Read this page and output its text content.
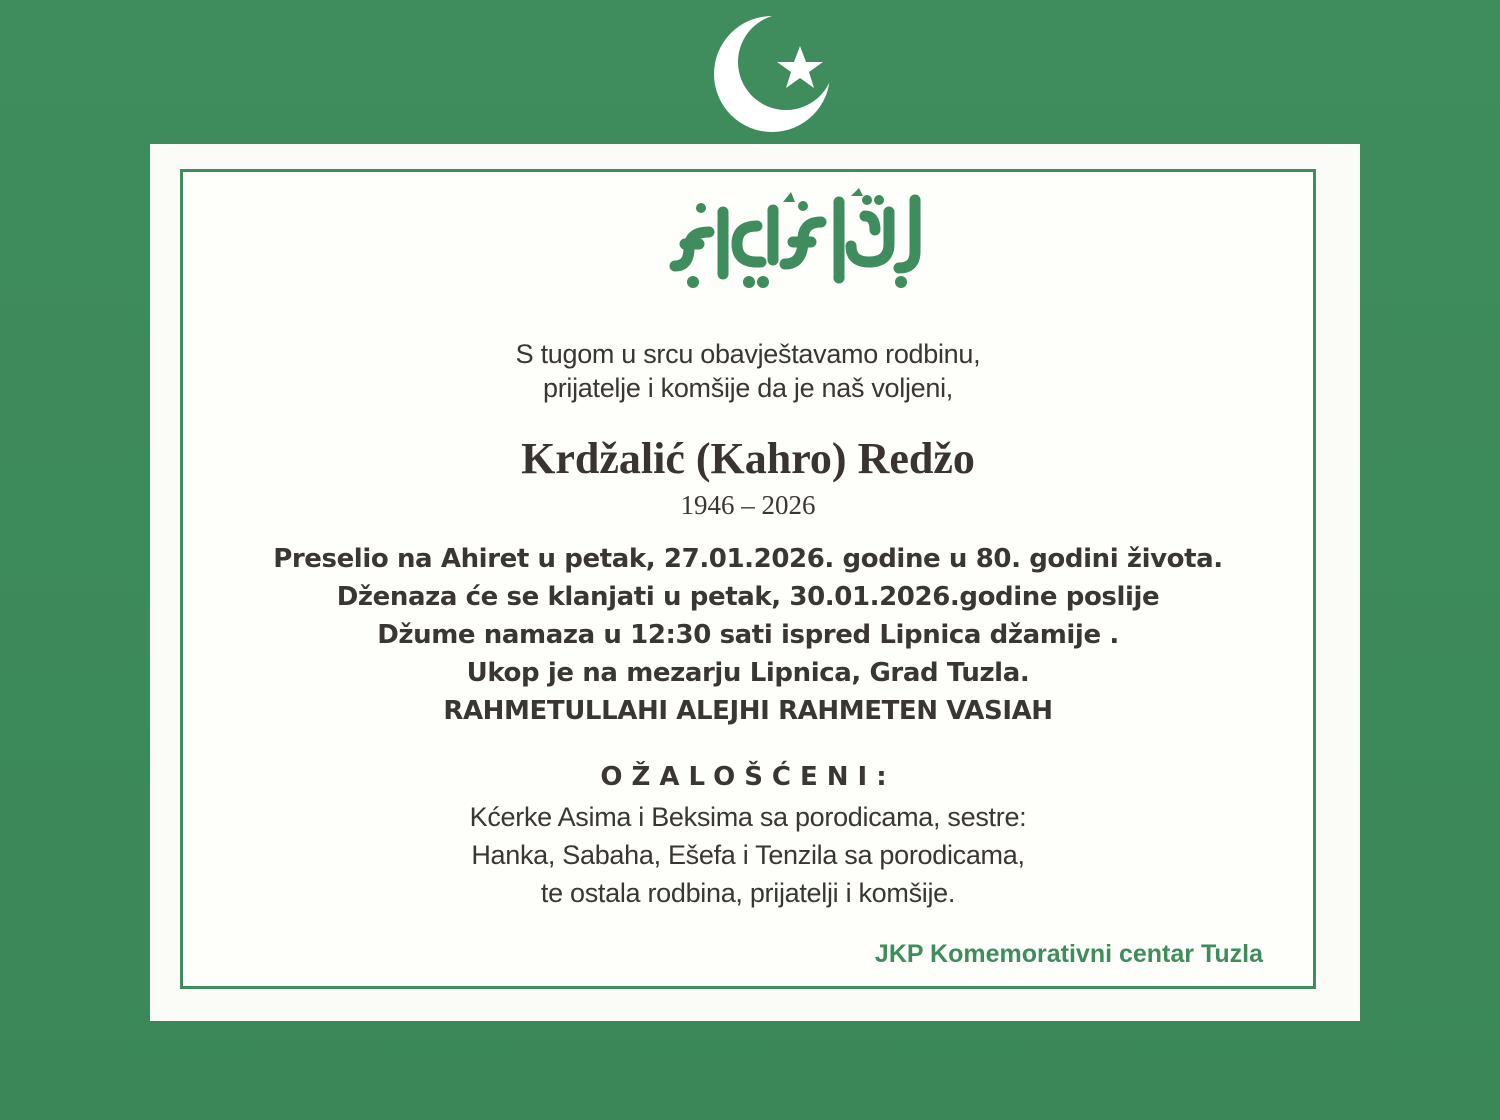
S tugom u srcu obavještavamo rodbinu,
prijatelje i komšije da je naš voljeni,
Krdžalić (Kahro) Redžo
1946 – 2026
Preselio na Ahiret u petak, 27.01.2026. godine u 80. godini života.
Dženaza će se klanjati u petak, 30.01.2026.godine poslije
Džume namaza u 12:30 sati ispred Lipnica džamije .
Ukop je na mezarju Lipnica, Grad Tuzla.
RAHMETULLAHI ALEJHI RAHMETEN VASIAH
OŽALOŠĆENI:
Kćerke Asima i Beksima sa porodicama, sestre:
Hanka, Sabaha, Ešefa i Tenzila sa porodicama,
te ostala rodbina, prijatelji i komšije.
JKP Komemorativni centar Tuzla
